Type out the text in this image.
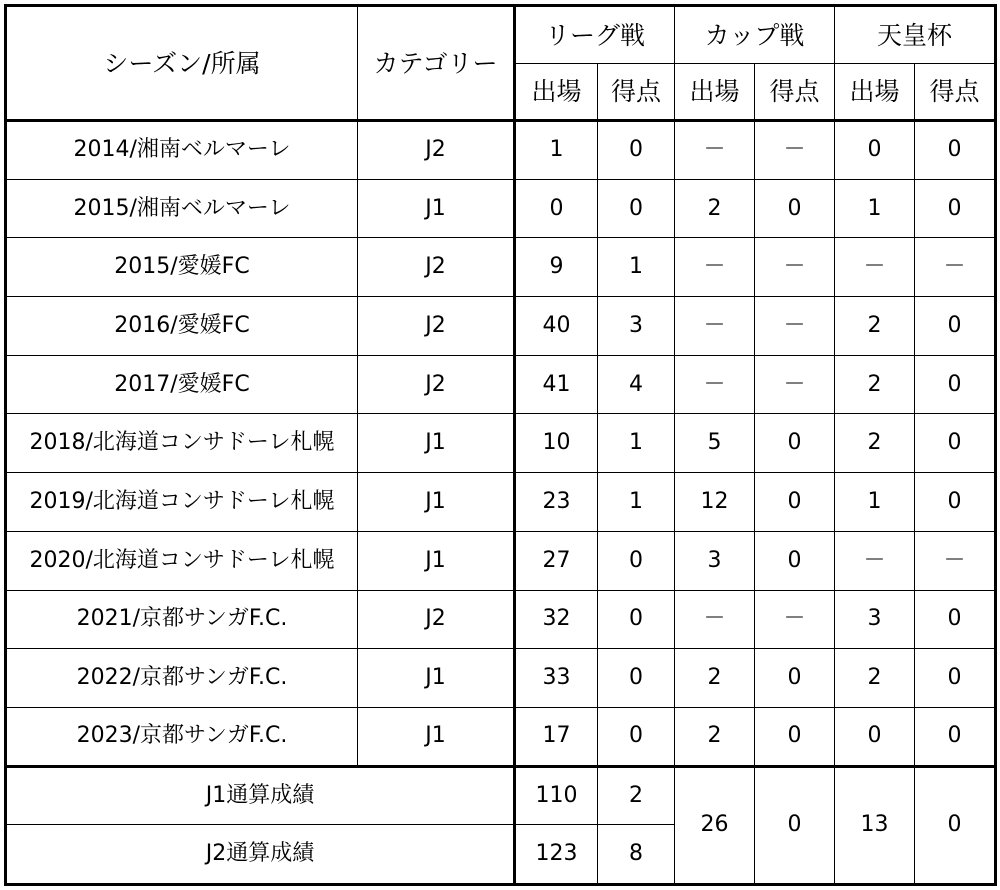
シーズン/所属	カテゴリー	リーグ戦		カップ戦		天皇杯	
		出場	得点	出場	得点	出場	得点
2014/湘南ベルマーレ	J2	1	0	－	－	0	0
2015/湘南ベルマーレ	J1	0	0	2	0	1	0
2015/愛媛FC	J2	9	1	－	－	－	－
2016/愛媛FC	J2	40	3	－	－	2	0
2017/愛媛FC	J2	41	4	－	－	2	0
2018/北海道コンサドーレ札幌	J1	10	1	5	0	2	0
2019/北海道コンサドーレ札幌	J1	23	1	12	0	1	0
2020/北海道コンサドーレ札幌	J1	27	0	3	0	－	－
2021/京都サンガF.C.	J2	32	0	－	－	3	0
2022/京都サンガF.C.	J1	33	0	2	0	2	0
2023/京都サンガF.C.	J1	17	0	2	0	0	0
J1通算成績		110	2	26	0	13	0
J2通算成績		123	8				
